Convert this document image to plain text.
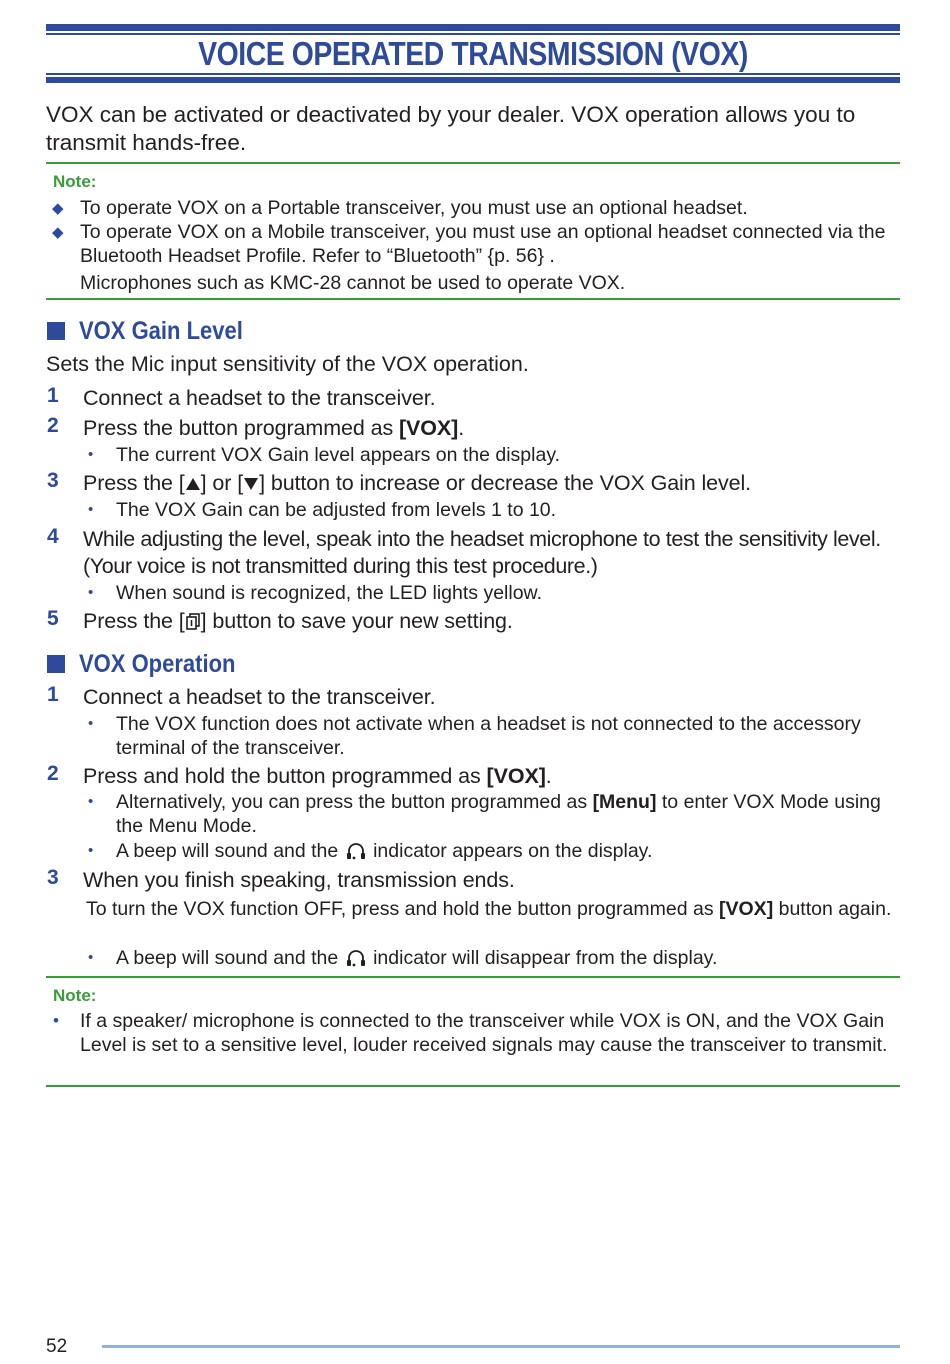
VOICE OPERATED TRANSMISSION (VOX)
VOX can be activated or deactivated by your dealer. VOX operation allows you to transmit hands-free.
Note:
◆ To operate VOX on a Portable transceiver, you must use an optional headset.
◆ To operate VOX on a Mobile transceiver, you must use an optional headset connected via the Bluetooth Headset Profile. Refer to “Bluetooth” {p. 56} .
Microphones such as KMC-28 cannot be used to operate VOX.
VOX Gain Level
Sets the Mic input sensitivity of the VOX operation.
1 Connect a headset to the transceiver.
2 Press the button programmed as [VOX].
• The current VOX Gain level appears on the display.
3 Press the [ ] or [ ] button to increase or decrease the VOX Gain level.
• The VOX Gain can be adjusted from levels 1 to 10.
4 While adjusting the level, speak into the headset microphone to test the sensitivity level. (Your voice is not transmitted during this test procedure.)
• When sound is recognized, the LED lights yellow.
5 Press the [ ] button to save your new setting.
VOX Operation
1 Connect a headset to the transceiver.
• The VOX function does not activate when a headset is not connected to the accessory terminal of the transceiver.
2 Press and hold the button programmed as [VOX].
• Alternatively, you can press the button programmed as [Menu] to enter VOX Mode using the Menu Mode.
• A beep will sound and the  indicator appears on the display.
3 When you finish speaking, transmission ends.
To turn the VOX function OFF, press and hold the button programmed as [VOX] button again.
• A beep will sound and the  indicator will disappear from the display.
Note:
• If a speaker/ microphone is connected to the transceiver while VOX is ON, and the VOX Gain Level is set to a sensitive level, louder received signals may cause the transceiver to transmit.
52
